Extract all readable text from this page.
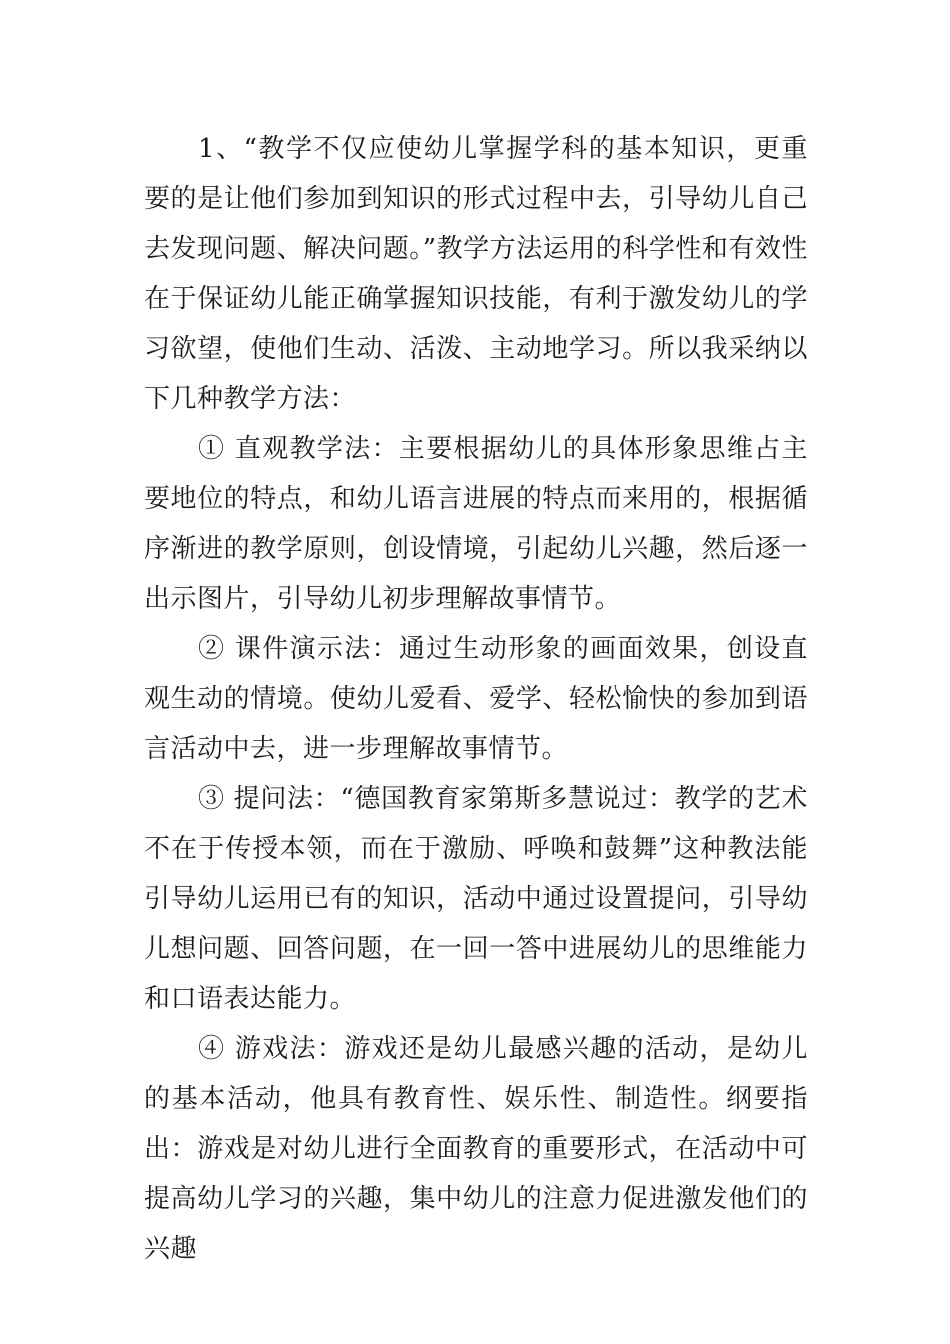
1、“教学不仅应使幼儿掌握学科的基本知识，更重要的是让他们参加到知识的形式过程中去，引导幼儿自己去发现问题、解决问题。”教学方法运用的科学性和有效性在于保证幼儿能正确掌握知识技能，有利于激发幼儿的学习欲望，使他们生动、活泼、主动地学习。所以我采纳以下几种教学方法：

① 直观教学法：主要根据幼儿的具体形象思维占主要地位的特点，和幼儿语言进展的特点而来用的，根据循序渐进的教学原则，创设情境，引起幼儿兴趣，然后逐一出示图片，引导幼儿初步理解故事情节。

② 课件演示法：通过生动形象的画面效果，创设直观生动的情境。使幼儿爱看、爱学、轻松愉快的参加到语言活动中去，进一步理解故事情节。

③ 提问法：“德国教育家第斯多慧说过：教学的艺术不在于传授本领，而在于激励、呼唤和鼓舞”这种教法能引导幼儿运用已有的知识，活动中通过设置提问，引导幼儿想问题、回答问题，在一回一答中进展幼儿的思维能力和口语表达能力。

④ 游戏法：游戏还是幼儿最感兴趣的活动，是幼儿的基本活动，他具有教育性、娱乐性、制造性。纲要指出：游戏是对幼儿进行全面教育的重要形式，在活动中可提高幼儿学习的兴趣，集中幼儿的注意力促进激发他们的兴趣
